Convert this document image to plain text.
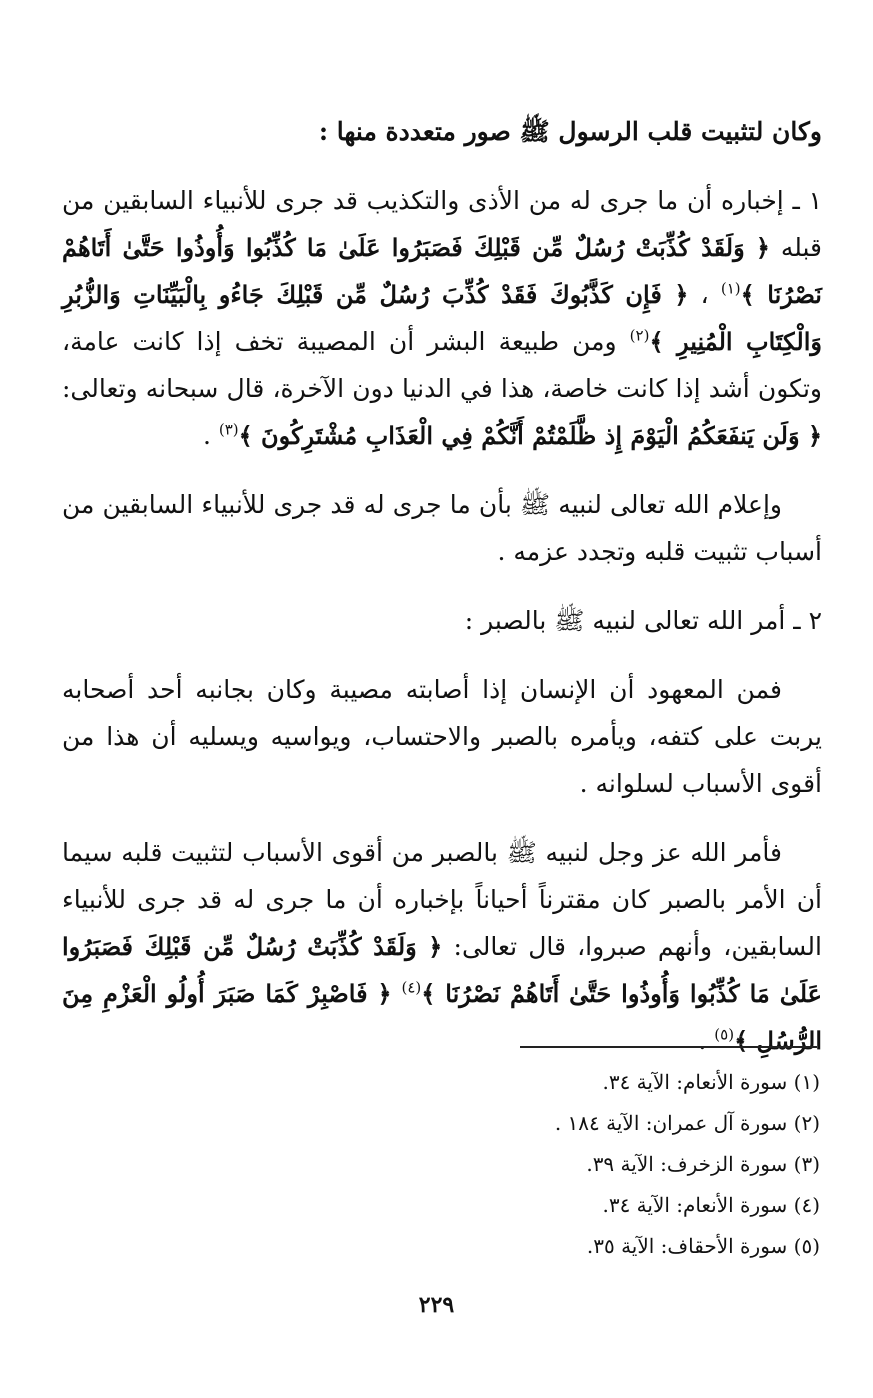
وكان لتثبيت قلب الرسول ﷺ صور متعددة منها :

١ ـ إخباره أن ما جرى له من الأذى والتكذيب قد جرى للأنبياء السابقين من قبله ﴿ وَلَقَدْ كُذِّبَتْ رُسُلٌ مِّن قَبْلِكَ فَصَبَرُوا عَلَىٰ مَا كُذِّبُوا وَأُوذُوا حَتَّىٰ أَتَاهُمْ نَصْرُنَا ﴾$^{(١)}$ ، ﴿ فَإِن كَذَّبُوكَ فَقَدْ كُذِّبَ رُسُلٌ مِّن قَبْلِكَ جَاءُو بِالْبَيِّنَاتِ وَالزُّبُرِ وَالْكِتَابِ الْمُنِيرِ ﴾$^{(٢)}$ ومن طبيعة البشر أن المصيبة تخف إذا كانت عامة، وتكون أشد إذا كانت خاصة، هذا في الدنيا دون الآخرة، قال سبحانه وتعالى: ﴿ وَلَن يَنفَعَكُمُ الْيَوْمَ إِذ ظَّلَمْتُمْ أَنَّكُمْ فِي الْعَذَابِ مُشْتَرِكُونَ ﴾$^{(٣)}$ .

وإعلام الله تعالى لنبيه ﷺ بأن ما جرى له قد جرى للأنبياء السابقين من أسباب تثبيت قلبه وتجدد عزمه .

٢ ـ أمر الله تعالى لنبيه ﷺ بالصبر :

فمن المعهود أن الإنسان إذا أصابته مصيبة وكان بجانبه أحد أصحابه يربت على كتفه، ويأمره بالصبر والاحتساب، ويواسيه ويسليه أن هذا من أقوى الأسباب لسلوانه .

فأمر الله عز وجل لنبيه ﷺ بالصبر من أقوى الأسباب لتثبيت قلبه سيما أن الأمر بالصبر كان مقترناً أحياناً بإخباره أن ما جرى له قد جرى للأنبياء السابقين، وأنهم صبروا، قال تعالى: ﴿ وَلَقَدْ كُذِّبَتْ رُسُلٌ مِّن قَبْلِكَ فَصَبَرُوا عَلَىٰ مَا كُذِّبُوا وَأُوذُوا حَتَّىٰ أَتَاهُمْ نَصْرُنَا ﴾$^{(٤)}$ ﴿ فَاصْبِرْ كَمَا صَبَرَ أُولُو الْعَزْمِ مِنَ الرُّسُلِ ﴾$^{(٥)}$ .

(١) سورة الأنعام: الآية ٣٤.

(٢) سورة آل عمران: الآية ١٨٤ .

(٣) سورة الزخرف: الآية ٣٩.

(٤) سورة الأنعام: الآية ٣٤.

(٥) سورة الأحقاف: الآية ٣٥.

٢٢٩
